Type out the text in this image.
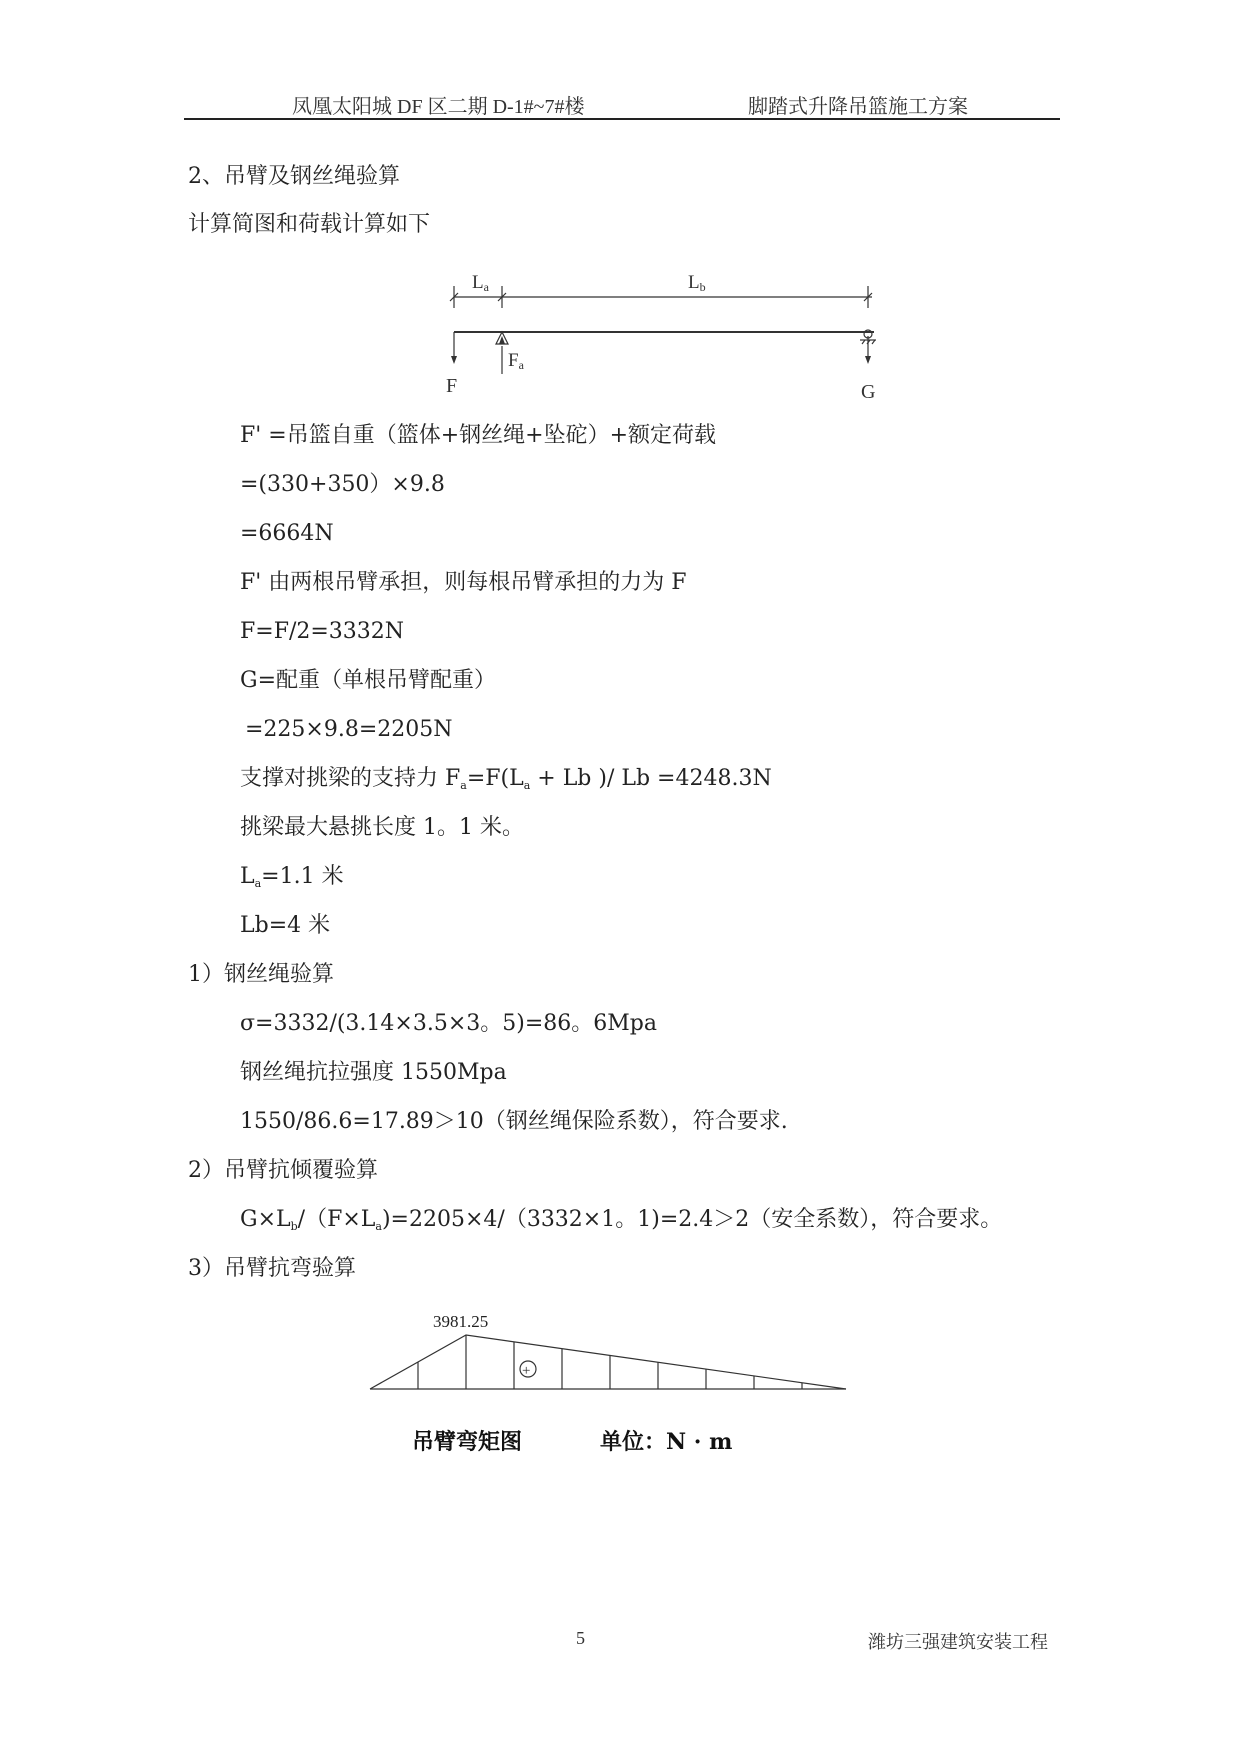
凤凰太阳城 DF 区二期 D-1#~7#楼	脚踏式升降吊篮施工方案
2、吊臂及钢丝绳验算
计算简图和荷载计算如下
La	Lb
Fa
F	G
F' =吊篮自重（篮体+钢丝绳+坠砣）+额定荷载
=(330+350）×9.8
=6664N
F' 由两根吊臂承担，则每根吊臂承担的力为 F
F=F/2=3332N
G=配重（单根吊臂配重）
=225×9.8=2205N
支撑对挑梁的支持力 $F_a=F(L_a + Lb$ )/ Lb =4248.3N
挑梁最大悬挑长度 1。1 米。
$L_a=1.1$ 米
Lb=4 米
1）钢丝绳验算
σ=3332/(3.14×3.5×3。5)=86。6Mpa
钢丝绳抗拉强度 1550Mpa
1550/86.6=17.89＞10（钢丝绳保险系数），符合要求.
2）吊臂抗倾覆验算
$G\times L_b/(F\times L_a)=2205\times 4/(3332\times 1$。1)=2.4＞2（安全系数），符合要求。
3）吊臂抗弯验算
3981.25
+
吊臂弯矩图	单位：N · m
5	潍坊三强建筑安装工程
